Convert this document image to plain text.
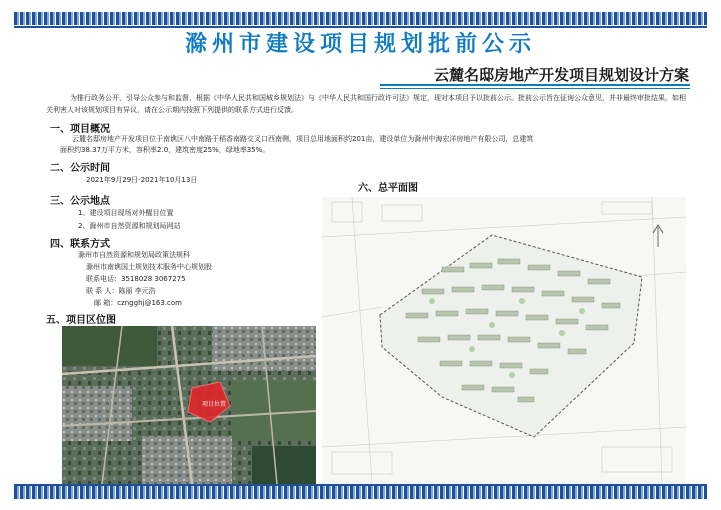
滁州市建设项目规划批前公示
云麓名邸房地产开发项目规划设计方案
为推行政务公开，引导公众参与和监督，根据《中华人民共和国城乡规划法》与《中华人民共和国行政许可法》规定，现对本项目予以批前公示。批前公示旨在征询公众意见，并非最终审批结果。如相关利害人对该规划项目有异议，请在公示期内按照下列提供的联系方式进行反馈。
一、项目概况
云麓名邸房地产开发项目位于南谯区八中南路于稻香南路交叉口西南侧，项目总用地面积约201亩，建设单位为滁州中海宏洋房地产有限公司，总建筑
面积约38.37万平方米，容积率2.0，建筑密度25%，绿地率35%。
二、公示时间
2021年9月29日-2021年10月13日
三、公示地点
1、建设项目现场对外醒目位置
2、滁州市自然资源和规划局网站
四、联系方式
滁州市自然资源和规划局政策法规科
滁州市南谯国土规划技术服务中心规划股
联系电话：3518028 3067275
联 系 人：陈丽 李元浩
邮 箱：czngghj@163.com
五、项目区位图
项目位置
六、总平面图
